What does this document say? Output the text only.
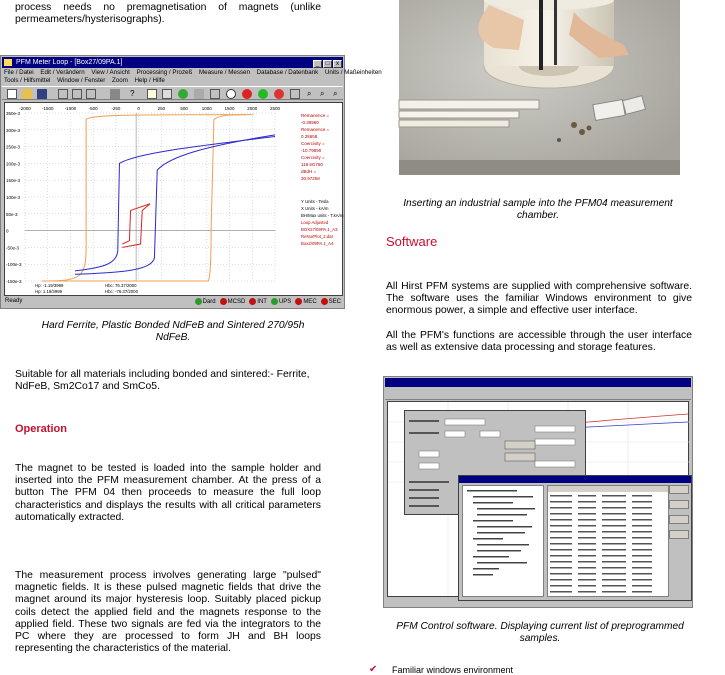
process needs no premagnetisation of magnets (unlike permeameters/hysterisographs).
PFM Meter Loop - [Box27/09PA.1]	_ □ x
File / Datei Edit / Verändern View / Ansicht Processing / Prozeß Measure / Messen Database / Datenbank Units / Maßeinheiten
Tools / Hilfsmittel Window / Fenster Zoom Help / Hilfe
?	⌕	⌕	⌕
-2000 -1500 -1000	-500	-250	0	250	500	1000	1500	2000	2500
350e-3
300e-3
250e-3
200e-3
150e-3
100e-3
50e-3
0
-50e-3
-100e-3
-150e-3
Remanence =
-0.38960
Remanence =
0.38658
Coercivity =
-10.79890
Coercivity =
118.6G760
dBdH =
30.97258
Y Units - Tesla
X Units - kA/m
BH/Max units - T.kA/m
Loop Adjusted
BOX27/09PA.1_A3
ReNorPlot_2.dat
Box2/09PA.1_A4
Hp: -1.19/3999	Hbc: 76.37/2000
Hp: 1.19/3999	Hbc: -76.37/2000
Ready	Dard MCSD INT UPS MEC SEC
Hard Ferrite, Plastic Bonded NdFeB and Sintered 270/95h NdFeB.
Suitable for all materials including bonded and sintered:- Ferrite, NdFeB, Sm2Co17 and SmCo5.
Operation
The magnet to be tested is loaded into the sample holder and inserted into the PFM measurement chamber. At the press of a button The PFM 04 then proceeds to measure the full loop characteristics and displays the results with all critical parameters automatically extracted.
The measurement process involves generating large "pulsed" magnetic fields. It is these pulsed magnetic fields that drive the magnet around its major hysteresis loop. Suitably placed pickup coils detect the applied field and the magnets response to the applied field. These two signals are fed via the integrators to the PC where they are processed to form JH and BH loops representing the characteristics of the material.
Inserting an industrial sample into the PFM04 measurement chamber.
Software
All Hirst PFM systems are supplied with comprehensive software. The software uses the familiar Windows environment to give enormous power, a simple and effective user interface.
All the PFM's functions are accessible through the user interface as well as extensive data processing and storage features.
PFM Control software. Displaying current list of preprogrammed samples.
✔ Familiar windows environment
